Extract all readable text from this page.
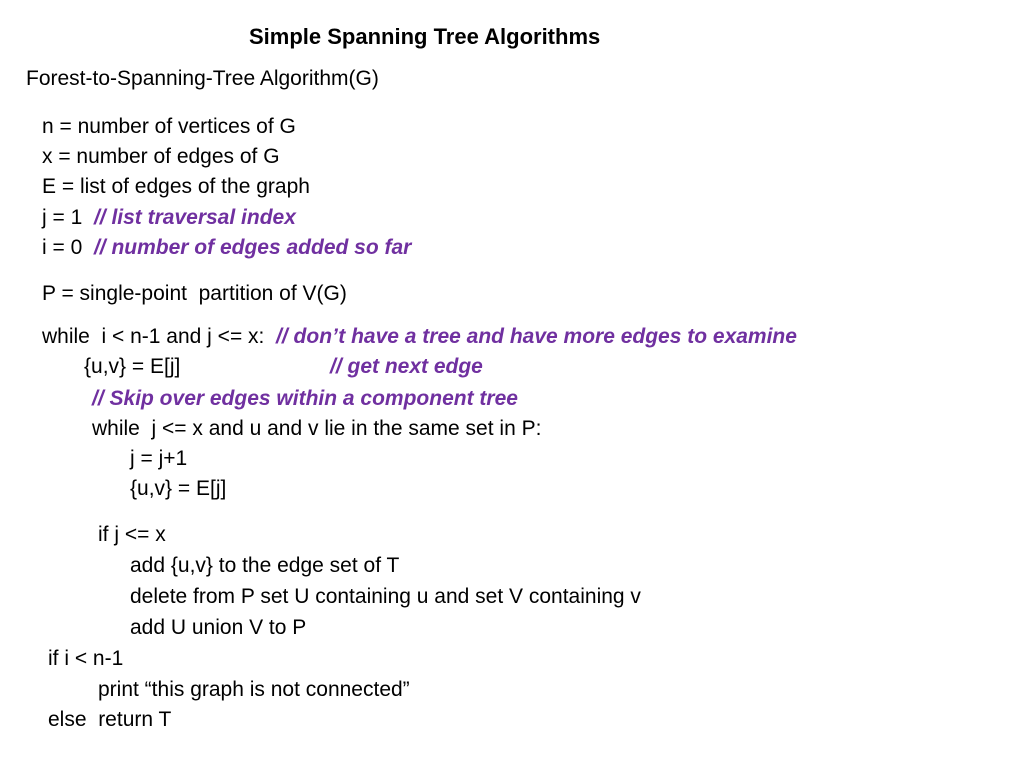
Simple Spanning Tree Algorithms
Forest-to-Spanning-Tree Algorithm(G)
n = number of vertices of G
x = number of edges of G
E = list of edges of the graph
j = 1  // list traversal index
i = 0  // number of edges added so far
P = single-point  partition of V(G)
while  i < n-1 and j <= x:  // don’t have a tree and have more edges to examine
{u,v} = E[j]	// get next edge
// Skip over edges within a component tree
while  j <= x and u and v lie in the same set in P:
j = j+1
{u,v} = E[j]
if j <= x
add {u,v} to the edge set of T
delete from P set U containing u and set V containing v
add U union V to P
if i < n-1
print “this graph is not connected”
else  return T
